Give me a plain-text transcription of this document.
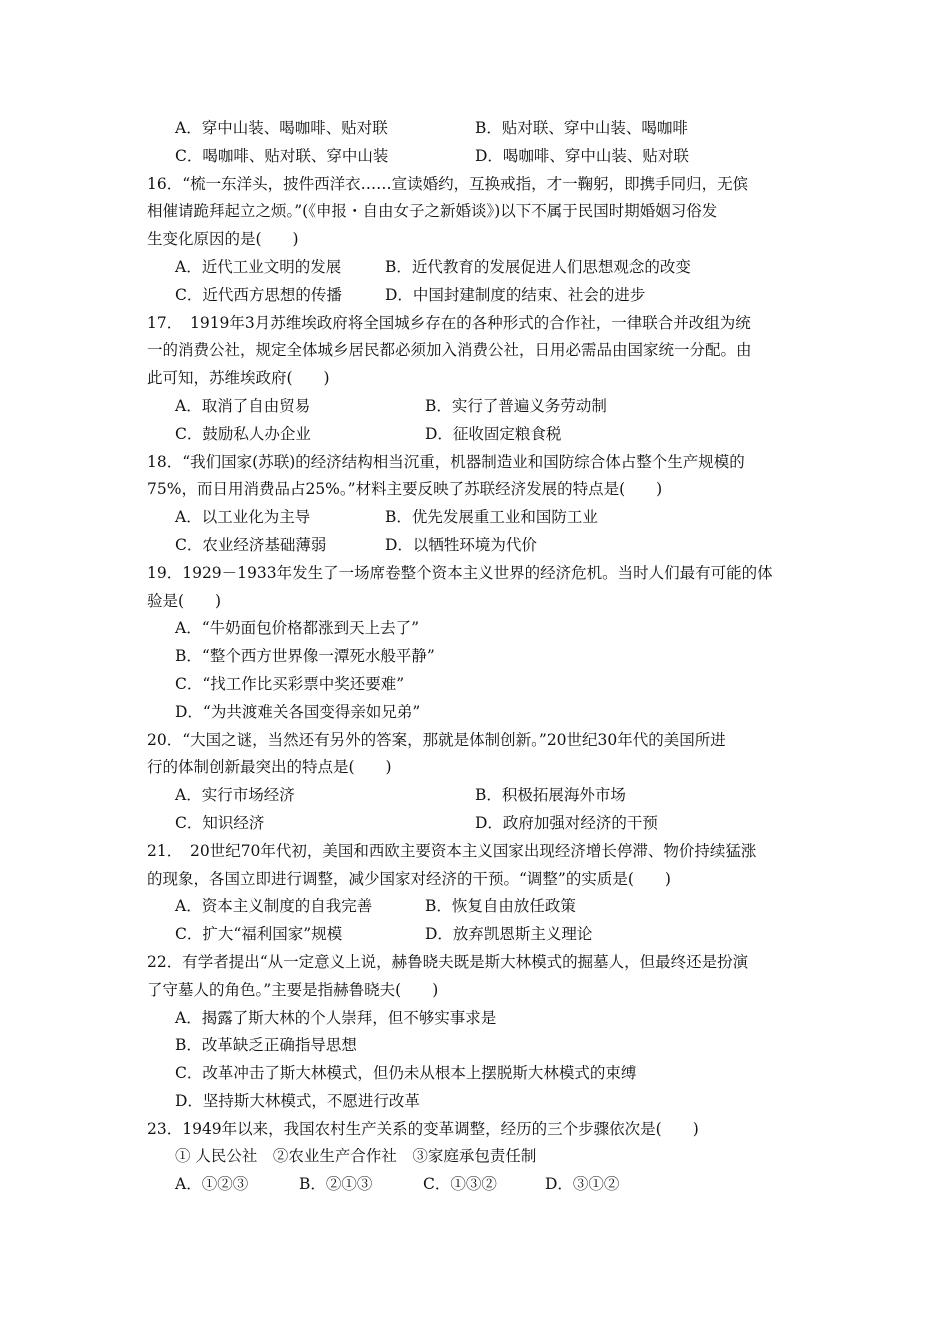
A．穿中山装、喝咖啡、贴对联	B．贴对联、穿中山装、喝咖啡
C．喝咖啡、贴对联、穿中山装	D．喝咖啡、穿中山装、贴对联
16．“梳一东洋头，披件西洋衣……宣读婚约，互换戒指，才一鞠躬，即携手同归，无傧
相催请跪拜起立之烦。”(《申报・自由女子之新婚谈》)以下不属于民国时期婚姻习俗发
生变化原因的是(　　)
A．近代工业文明的发展	B．近代教育的发展促进人们思想观念的改变
C．近代西方思想的传播	D．中国封建制度的结束、社会的进步
17．　1919年3月苏维埃政府将全国城乡存在的各种形式的合作社，一律联合并改组为统
一的消费公社，规定全体城乡居民都必须加入消费公社，日用必需品由国家统一分配。由
此可知，苏维埃政府(　　)
A．取消了自由贸易	B．实行了普遍义务劳动制
C．鼓励私人办企业	D．征收固定粮食税
18．“我们国家(苏联)的经济结构相当沉重，机器制造业和国防综合体占整个生产规模的
75%，而日用消费品占25%。”材料主要反映了苏联经济发展的特点是(　　)
A．以工业化为主导	B．优先发展重工业和国防工业
C．农业经济基础薄弱	D．以牺牲环境为代价
19．1929－1933年发生了一场席卷整个资本主义世界的经济危机。当时人们最有可能的体
验是(　　)
A．“牛奶面包价格都涨到天上去了”
B．“整个西方世界像一潭死水般平静”
C．“找工作比买彩票中奖还要难”
D．“为共渡难关各国变得亲如兄弟”
20．“大国之谜，当然还有另外的答案，那就是体制创新。”20世纪30年代的美国所进
行的体制创新最突出的特点是(　　)
A．实行市场经济	B．积极拓展海外市场
C．知识经济	D．政府加强对经济的干预
21．　20世纪70年代初，美国和西欧主要资本主义国家出现经济增长停滞、物价持续猛涨
的现象，各国立即进行调整，减少国家对经济的干预。“调整”的实质是(　　)
A．资本主义制度的自我完善	B．恢复自由放任政策
C．扩大“福利国家”规模	D．放弃凯恩斯主义理论
22．有学者提出“从一定意义上说，赫鲁晓夫既是斯大林模式的掘墓人，但最终还是扮演
了守墓人的角色。”主要是指赫鲁晓夫(　　)
A．揭露了斯大林的个人崇拜，但不够实事求是
B．改革缺乏正确指导思想
C．改革冲击了斯大林模式，但仍未从根本上摆脱斯大林模式的束缚
D．坚持斯大林模式，不愿进行改革
23．1949年以来，我国农村生产关系的变革调整，经历的三个步骤依次是(　　)
① 人民公社　②农业生产合作社　③家庭承包责任制
A．①②③	B．②①③	C．①③②	D．③①②
